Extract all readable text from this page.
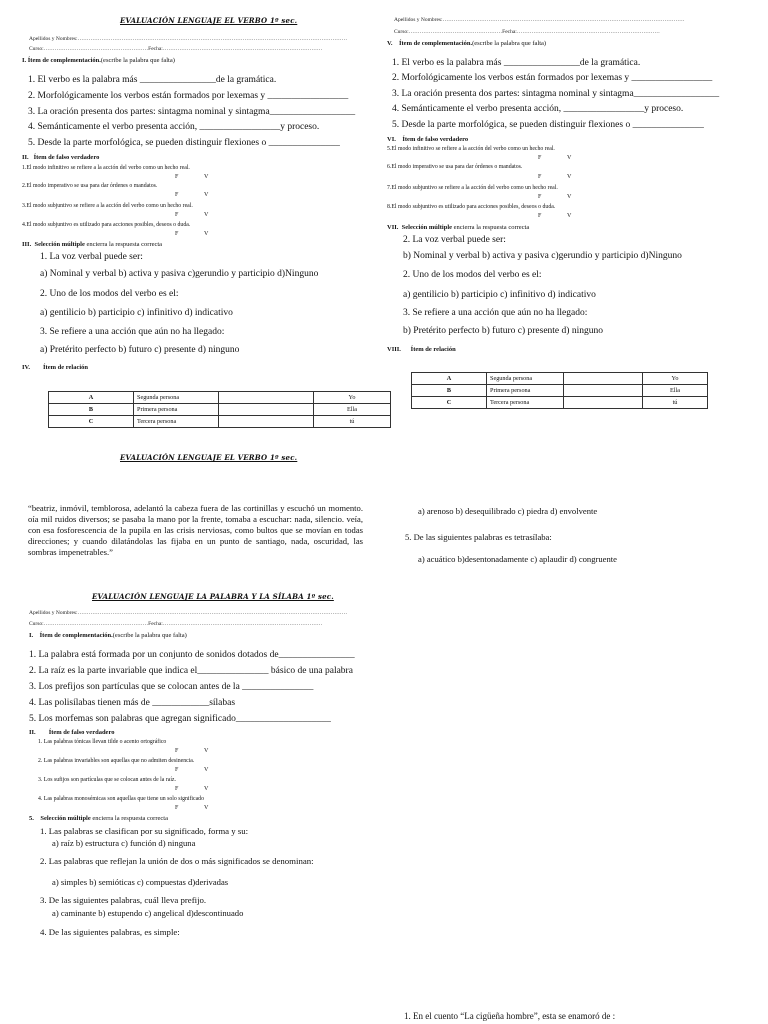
EVALUACIÓN LENGUAJE EL VERBO 1º sec.
Apellidos y Nombres:…………………………………………………………………………………………………………………………………
Curso:…………………………………………………Fecha:……………………………………………………………………………
I. Ítem de complementación.(escribe la palabra que falta)
1. El verbo es la palabra más ________________de la gramática.
2. Morfológicamente los verbos están formados por lexemas y _________________
3. La oración presenta dos partes: sintagma nominal y sintagma__________________
4. Semánticamente el verbo presenta acción, _________________y proceso.
5. Desde la parte morfológica, se pueden distinguir flexiones o _______________
II. Ítem de falso verdadero
1.El modo infinitivo se refiere a la acción del verbo como un hecho real.
F	V
2.El modo imperativo se usa para dar órdenes o mandatos.
F	V
3.El modo subjuntivo se refiere a la acción del verbo como un hecho real.
F	V
4.El modo subjuntivo es utilizado para acciones posibles, deseos o duda.
F	V
III. Selección múltiple encierra la respuesta correcta
1. La voz verbal puede ser:
a) Nominal y verbal b) activa y pasiva c)gerundio y participio d)Ninguno
2. Uno de los modos del verbo es el:
a) gentilicio b) participio c) infinitivo d) indicativo
3. Se refiere a una acción que aún no ha llegado:
a) Pretérito perfecto b) futuro c) presente d) ninguno
IV. Ítem de relación
A	Segunda persona		Yo
B	Primera persona		Ella
C	Tercera persona		tú
Apellidos y Nombres:……………………………………………………………………………………………………………………
Curso:……………………………………………Fecha:……………………………………………………………………
V. Ítem de complementación.(escribe la palabra que falta)
1. El verbo es la palabra más ________________de la gramática.
2. Morfológicamente los verbos están formados por lexemas y _________________
3. La oración presenta dos partes: sintagma nominal y sintagma__________________
4. Semánticamente el verbo presenta acción, _________________y proceso.
5. Desde la parte morfológica, se pueden distinguir flexiones o _______________
VI. Ítem de falso verdadero
5.El modo infinitivo se refiere a la acción del verbo como un hecho real.
F	V
6.El modo imperativo se usa para dar órdenes o mandatos.
F	V
7.El modo subjuntivo se refiere a la acción del verbo como un hecho real.
F	V
8.El modo subjuntivo es utilizado para acciones posibles, deseos o duda.
F	V
VII. Selección múltiple encierra la respuesta correcta
2. La voz verbal puede ser:
b) Nominal y verbal b) activa y pasiva c)gerundio y participio d)Ninguno
2. Uno de los modos del verbo es el:
a) gentilicio b) participio c) infinitivo d) indicativo
3. Se refiere a una acción que aún no ha llegado:
b) Pretérito perfecto b) futuro c) presente d) ninguno
VIII. Ítem de relación
A	Segunda persona		Yo
B	Primera persona		Ella
C	Tercera persona		tú
EVALUACIÓN LENGUAJE EL VERBO 1º sec.
“beatriz, inmóvil, temblorosa, adelantó la cabeza fuera de las cortinillas y escuchó un momento. oía mil ruidos diversos; se pasaba la mano por la frente, tomaba a escuchar: nada, silencio. veía, con esa fosforescencia de la pupila en las crisis nerviosas, como bultos que se movían en todas direcciones; y cuando dilatándolas las fijaba en un punto de santiago, nada, oscuridad, las sombras impenetrables.”
a) arenoso b) desequilibrado c) piedra d) envolvente
5. De las siguientes palabras es tetrasílaba:
a) acuático b)desentonadamente c) aplaudir d) congruente
EVALUACIÓN LENGUAJE LA PALABRA Y LA SÍLABA 1º sec.
Apellidos y Nombres:…………………………………………………………………………………………………………………………………
Curso:…………………………………………………Fecha:……………………………………………………………………………
I. Ítem de complementación.(escribe la palabra que falta)
1. La palabra está formada por un conjunto de sonidos dotados de________________
2. La raíz es la parte invariable que indica el_______________ básico de una palabra
3. Los prefijos son partículas que se colocan antes de la _______________
4. Las polisílabas tienen más de ____________sílabas
5. Los morfemas son palabras que agregan significado____________________
II. Ítem de falso verdadero
1. Las palabras tónicas llevan tilde o acento ortográfico
F	V
2. Las palabras invariables son aquellas que no admiten desinencia.
F	V
3. Los sufijos son partículas que se colocan antes de la raíz.
F	V
4. Las palabras monosémicas son aquellas que tiene un solo significado
F	V
5. Selección múltiple encierra la respuesta correcta
1. Las palabras se clasifican por su significado, forma y su:
a) raíz b) estructura c) función d) ninguna
2. Las palabras que reflejan la unión de dos o más significados se denominan:
a) simples b) semióticas c) compuestas d)derivadas
3. De las siguientes palabras, cuál lleva prefijo.
a) caminante b) estupendo c) angelical d)descontinuado
4. De las siguientes palabras, es simple:
1. En el cuento “La cigüeña hombre”, esta se enamoró de :
